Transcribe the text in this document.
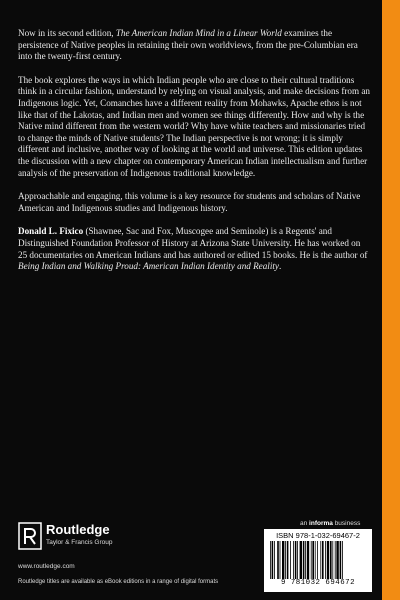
Now in its second edition, The American Indian Mind in a Linear World examines the persistence of Native peoples in retaining their own worldviews, from the pre-Columbian era into the twenty-first century.

The book explores the ways in which Indian people who are close to their cultural traditions think in a circular fashion, understand by relying on visual analysis, and make decisions from an Indigenous logic. Yet, Comanches have a different reality from Mohawks, Apache ethos is not like that of the Lakotas, and Indian men and women see things differently. How and why is the Native mind different from the western world? Why have white teachers and missionaries tried to change the minds of Native students? The Indian perspective is not wrong; it is simply different and inclusive, another way of looking at the world and universe. This edition updates the discussion with a new chapter on contemporary American Indian intellectualism and further analysis of the preservation of Indigenous traditional knowledge.

Approachable and engaging, this volume is a key resource for students and scholars of Native American and Indigenous studies and Indigenous history.

Donald L. Fixico (Shawnee, Sac and Fox, Muscogee and Seminole) is a Regents' and Distinguished Foundation Professor of History at Arizona State University. He has worked on 25 documentaries on American Indians and has authored or edited 15 books. He is the author of Being Indian and Walking Proud: American Indian Identity and Reality.

Routledge
Taylor & Francis Group
www.routledge.com
Routledge titles are available as eBook editions in a range of digital formats
an informa business
ISBN 978-1-032-69467-2
9 781032 694672
